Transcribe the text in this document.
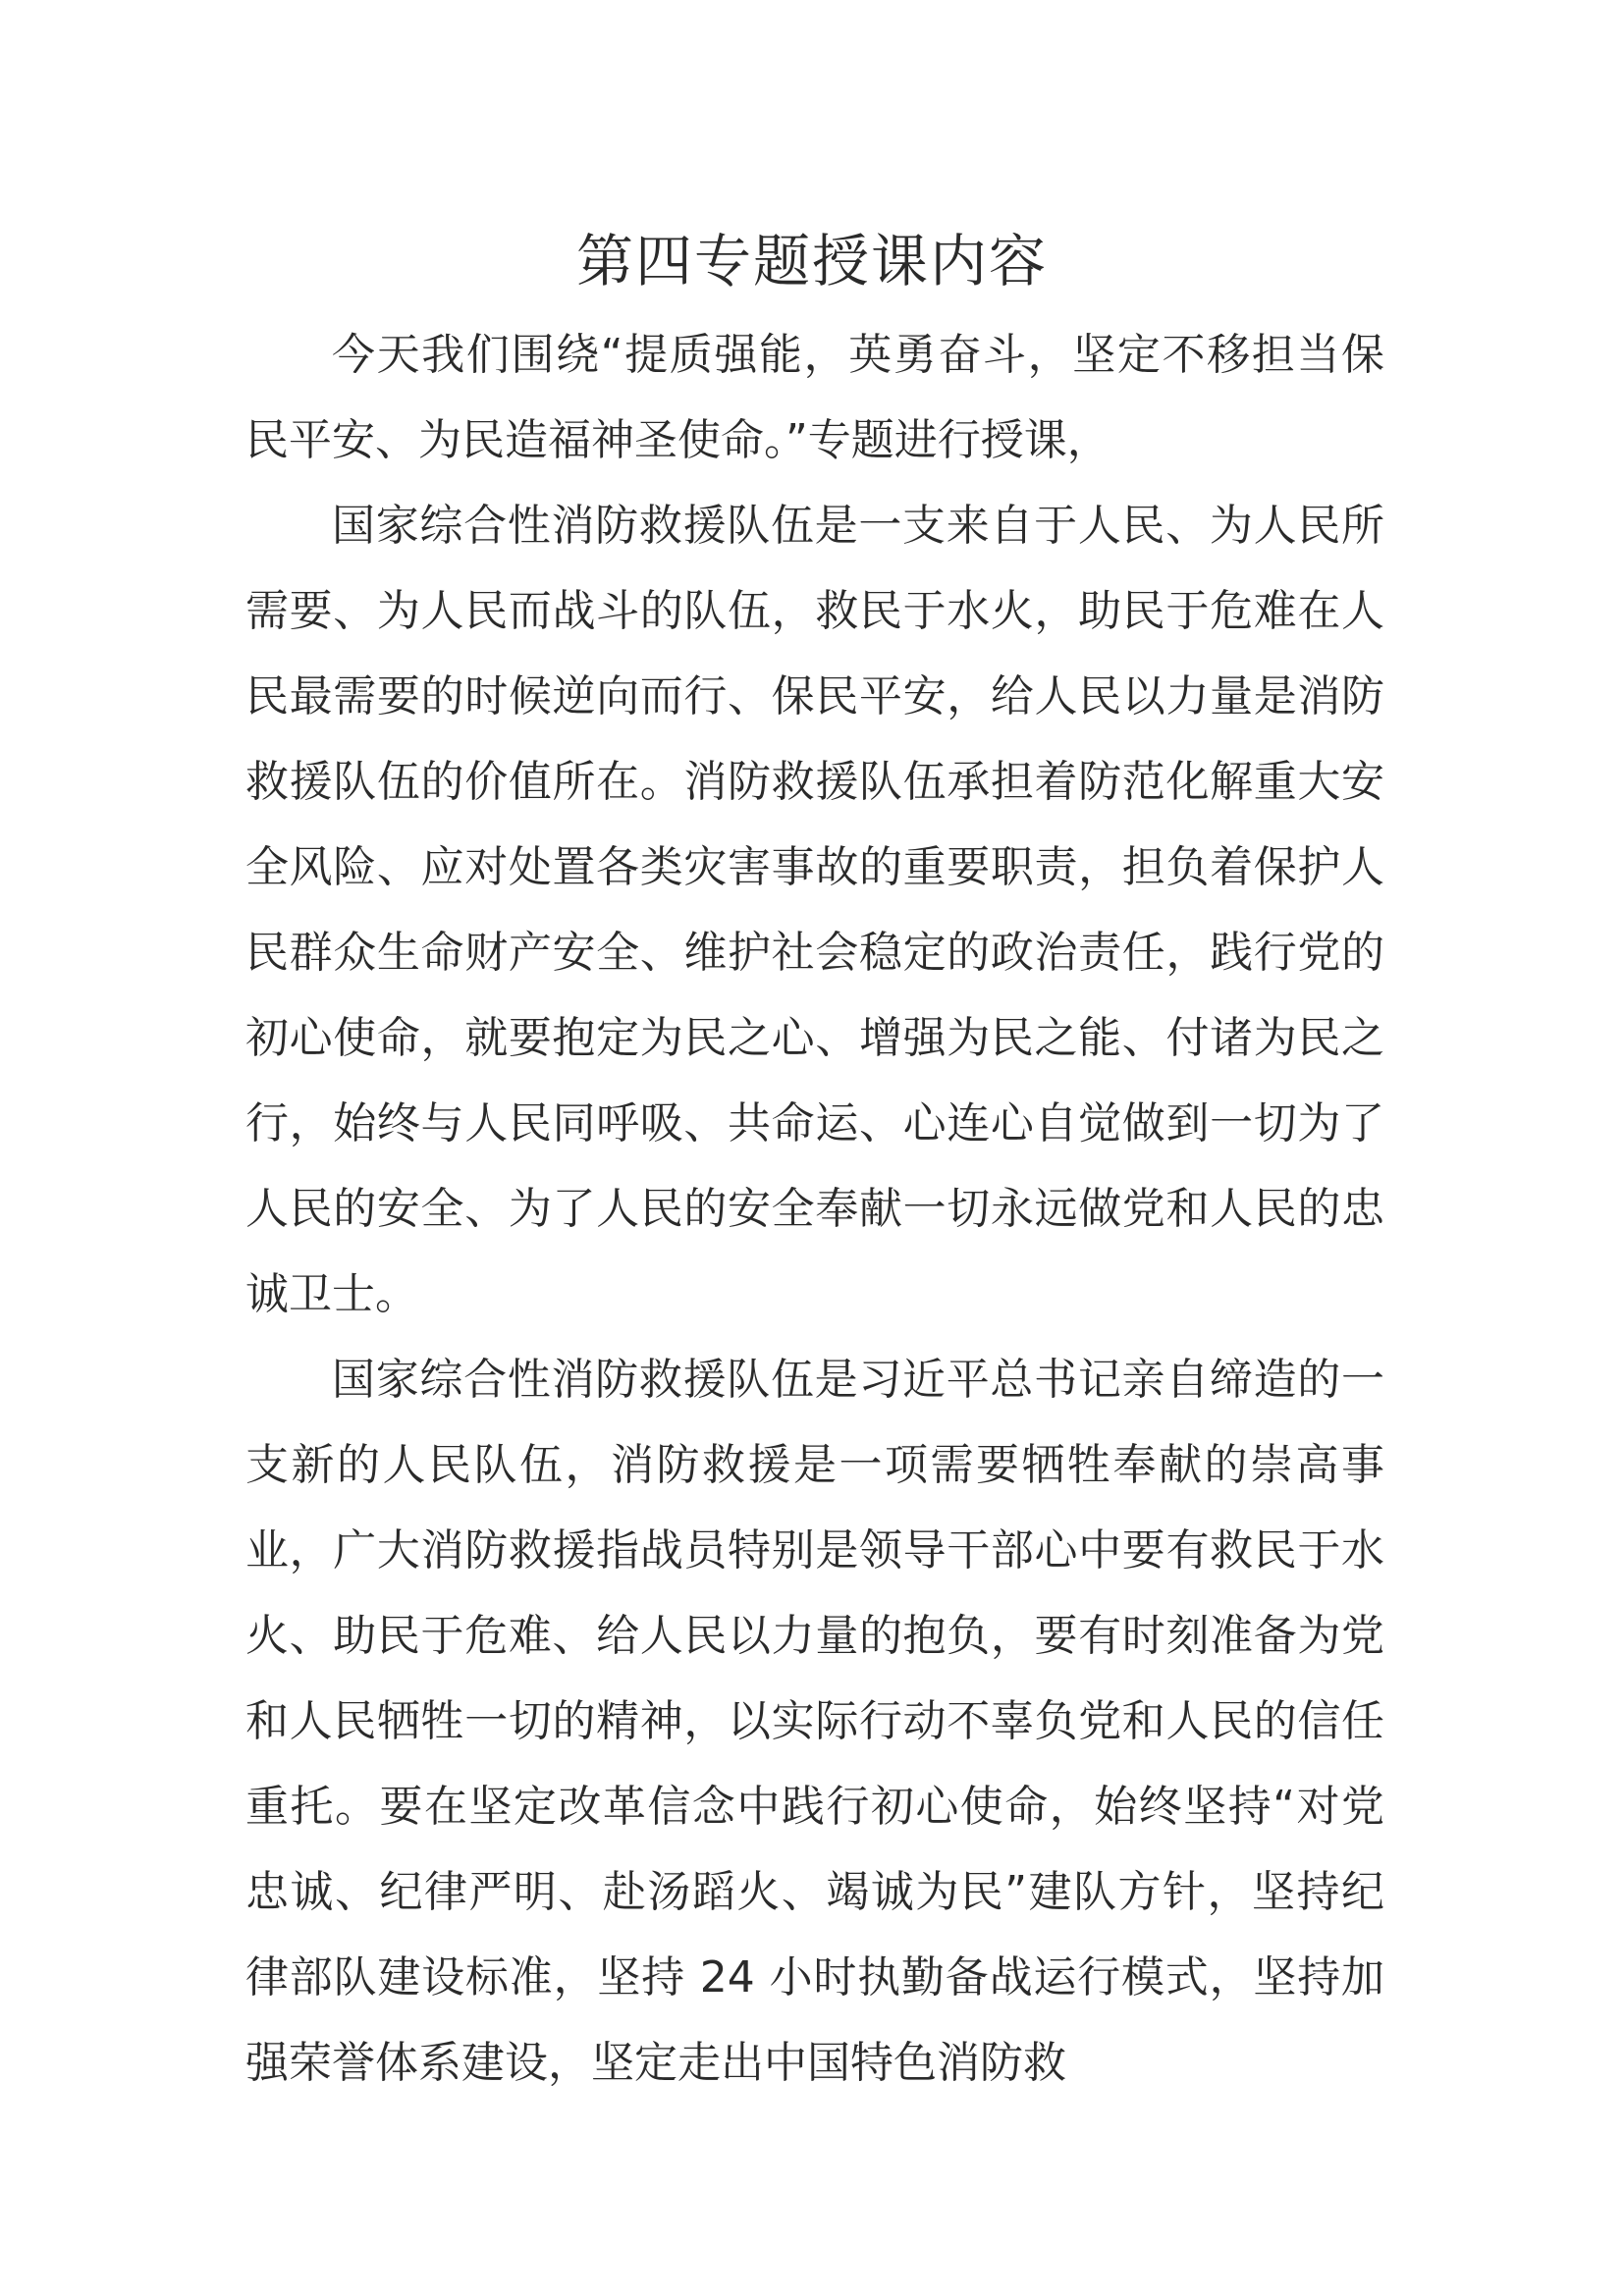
第四专题授课内容

今天我们围绕“提质强能，英勇奋斗，坚定不移担当保民平安、为民造福神圣使命。”专题进行授课，

国家综合性消防救援队伍是一支来自于人民、为人民所需要、为人民而战斗的队伍，救民于水火，助民于危难在人民最需要的时候逆向而行、保民平安，给人民以力量是消防救援队伍的价值所在。消防救援队伍承担着防范化解重大安全风险、应对处置各类灾害事故的重要职责，担负着保护人民群众生命财产安全、维护社会稳定的政治责任，践行党的初心使命，就要抱定为民之心、增强为民之能、付诸为民之行，始终与人民同呼吸、共命运、心连心自觉做到一切为了人民的安全、为了人民的安全奉献一切永远做党和人民的忠诚卫士。

国家综合性消防救援队伍是习近平总书记亲自缔造的一支新的人民队伍，消防救援是一项需要牺牲奉献的崇高事业，广大消防救援指战员特别是领导干部心中要有救民于水火、助民于危难、给人民以力量的抱负，要有时刻准备为党和人民牺牲一切的精神，以实际行动不辜负党和人民的信任重托。要在坚定改革信念中践行初心使命，始终坚持“对党忠诚、纪律严明、赴汤蹈火、竭诚为民”建队方针，坚持纪律部队建设标准，坚持 24 小时执勤备战运行模式，坚持加强荣誉体系建设，坚定走出中国特色消防救
